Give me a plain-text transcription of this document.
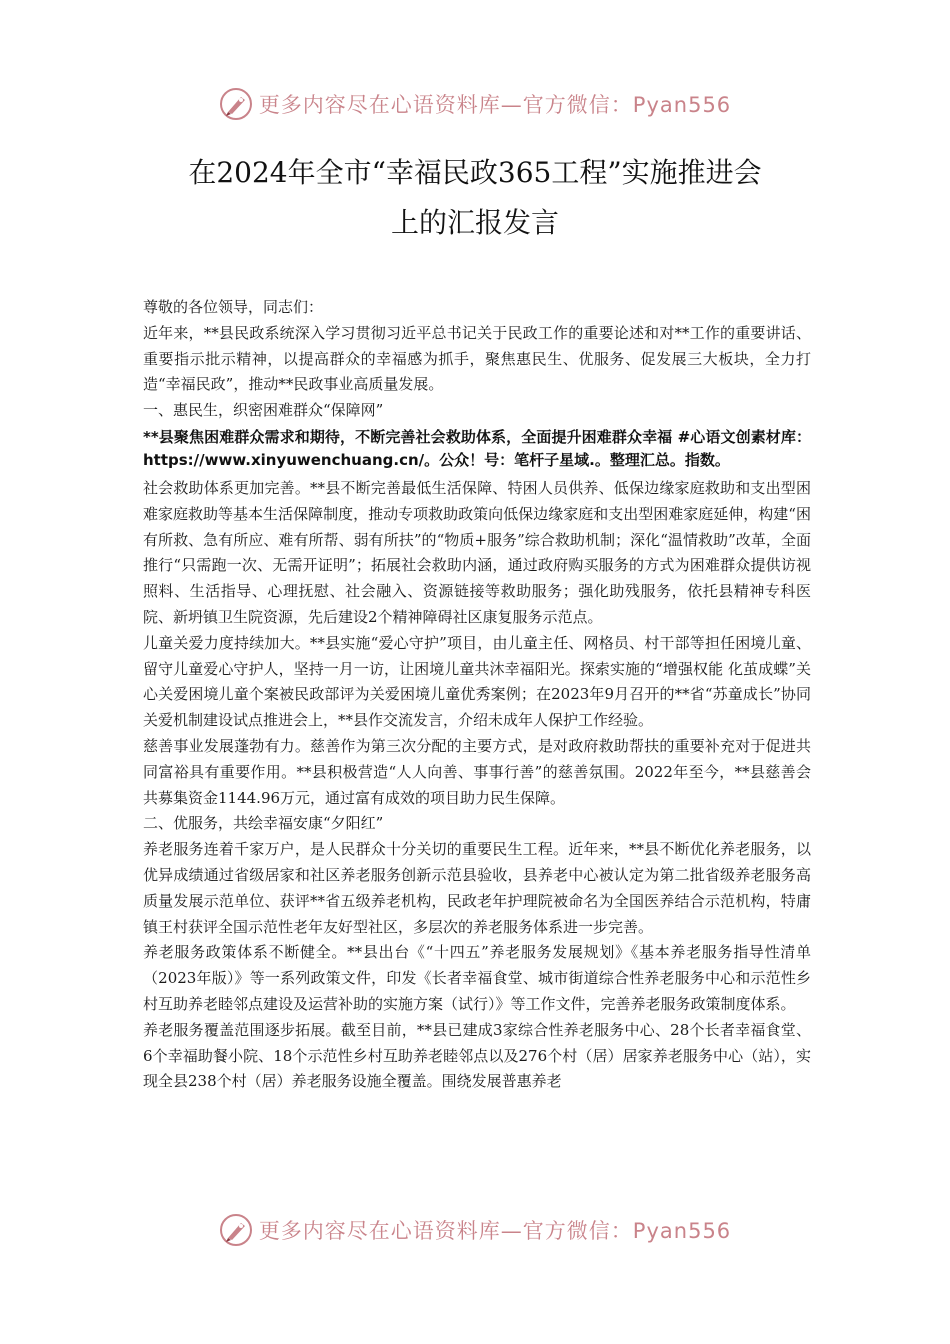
更多内容尽在心语资料库—官方微信：Pyan556
在2024年全市“幸福民政365工程”实施推进会
上的汇报发言

尊敬的各位领导，同志们：

近年来，**县民政系统深入学习贯彻习近平总书记关于民政工作的重要论述和对**工作的重要讲话、重要指示批示精神，以提高群众的幸福感为抓手，聚焦惠民生、优服务、促发展三大板块，全力打造“幸福民政”，推动**民政事业高质量发展。

一、惠民生，织密困难群众“保障网”

**县聚焦困难群众需求和期待，不断完善社会救助体系，全面提升困难群众幸福 #心语文创素材库：https://www.xinyuwenchuang.cn/。公众！号：笔杆子星域.。整理汇总。指数。

社会救助体系更加完善。**县不断完善最低生活保障、特困人员供养、低保边缘家庭救助和支出型困难家庭救助等基本生活保障制度，推动专项救助政策向低保边缘家庭和支出型困难家庭延伸，构建“困有所救、急有所应、难有所帮、弱有所扶”的“物质+服务”综合救助机制；深化“温情救助”改革，全面推行“只需跑一次、无需开证明”；拓展社会救助内涵，通过政府购买服务的方式为困难群众提供访视照料、生活指导、心理抚慰、社会融入、资源链接等救助服务；强化助残服务，依托县精神专科医院、新坍镇卫生院资源，先后建设2个精神障碍社区康复服务示范点。

儿童关爱力度持续加大。**县实施“爱心守护”项目，由儿童主任、网格员、村干部等担任困境儿童、留守儿童爱心守护人，坚持一月一访，让困境儿童共沐幸福阳光。探索实施的“增强权能 化茧成蝶”关心关爱困境儿童个案被民政部评为关爱困境儿童优秀案例；在2023年9月召开的**省“苏童成长”协同关爱机制建设试点推进会上，**县作交流发言，介绍未成年人保护工作经验。

慈善事业发展蓬勃有力。慈善作为第三次分配的主要方式，是对政府救助帮扶的重要补充对于促进共同富裕具有重要作用。**县积极营造“人人向善、事事行善”的慈善氛围。2022年至今，**县慈善会共募集资金1144.96万元，通过富有成效的项目助力民生保障。

二、优服务，共绘幸福安康“夕阳红”

养老服务连着千家万户，是人民群众十分关切的重要民生工程。近年来，**县不断优化养老服务，以优异成绩通过省级居家和社区养老服务创新示范县验收，县养老中心被认定为第二批省级养老服务高质量发展示范单位、获评**省五级养老机构，民政老年护理院被命名为全国医养结合示范机构，特庸镇王村获评全国示范性老年友好型社区，多层次的养老服务体系进一步完善。

养老服务政策体系不断健全。**县出台《“十四五”养老服务发展规划》《基本养老服务指导性清单（2023年版）》等一系列政策文件，印发《长者幸福食堂、城市街道综合性养老服务中心和示范性乡村互助养老睦邻点建设及运营补助的实施方案（试行）》等工作文件，完善养老服务政策制度体系。

养老服务覆盖范围逐步拓展。截至目前，**县已建成3家综合性养老服务中心、28个长者幸福食堂、6个幸福助餐小院、18个示范性乡村互助养老睦邻点以及276个村（居）居家养老服务中心（站），实现全县238个村（居）养老服务设施全覆盖。围绕发展普惠养老

更多内容尽在心语资料库—官方微信：Pyan556
